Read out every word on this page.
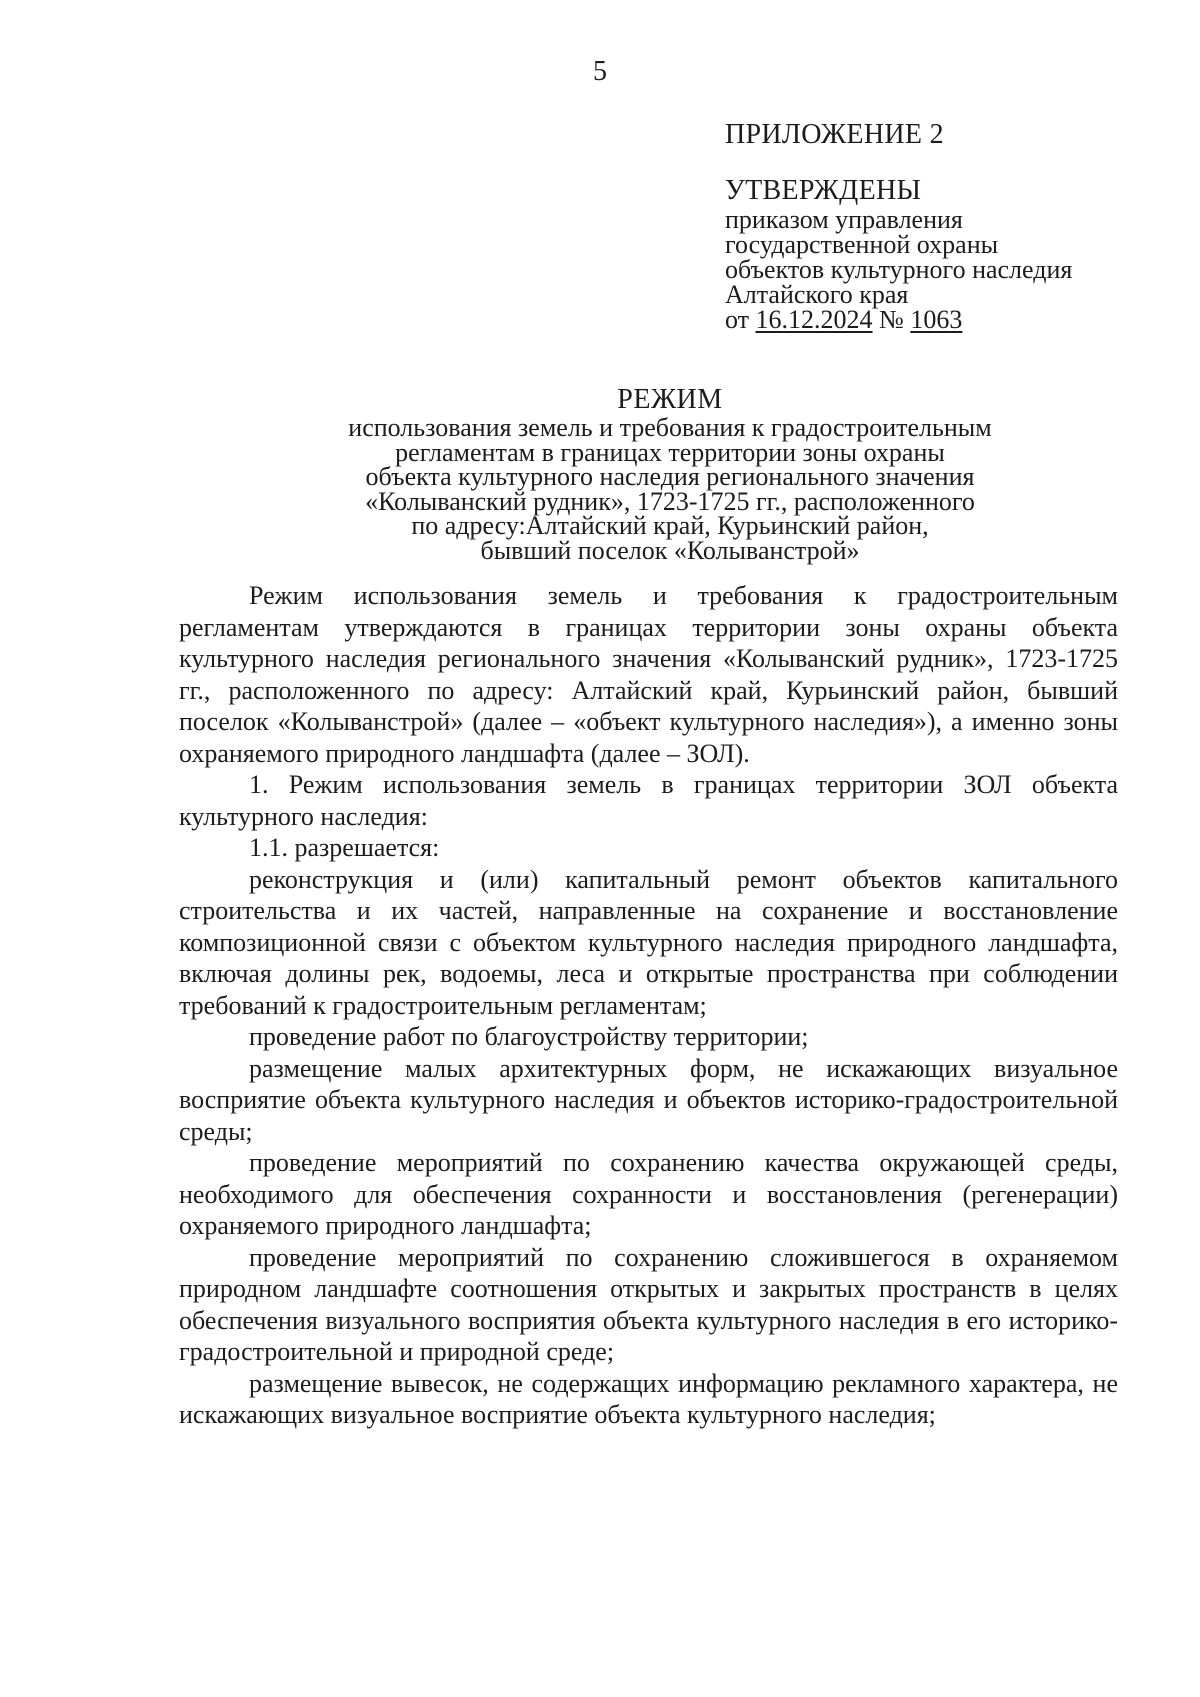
5
ПРИЛОЖЕНИЕ 2
УТВЕРЖДЕНЫ
приказом управления
государственной охраны
объектов культурного наследия
Алтайского края
от 16.12.2024 № 1063
РЕЖИМ
использования земель и требования к градостроительным
регламентам в границах территории зоны охраны
объекта культурного наследия регионального значения
«Колыванский рудник», 1723-1725 гг., расположенного
по адресу:Алтайский край, Курьинский район,
бывший поселок «Колыванстрой»

Режим использования земель и требования к градостроительным регламентам утверждаются в границах территории зоны охраны объекта культурного наследия регионального значения «Колыванский рудник», 1723-1725 гг., расположенного по адресу: Алтайский край, Курьинский район, бывший поселок «Колыванстрой» (далее – «объект культурного наследия»), а именно зоны охраняемого природного ландшафта (далее – ЗОЛ).

1. Режим использования земель в границах территории ЗОЛ объекта культурного наследия:

1.1. разрешается:

реконструкция и (или) капитальный ремонт объектов капитального строительства и их частей, направленные на сохранение и восстановление композиционной связи с объектом культурного наследия природного ландшафта, включая долины рек, водоемы, леса и открытые пространства при соблюдении требований к градостроительным регламентам;

проведение работ по благоустройству территории;

размещение малых архитектурных форм, не искажающих визуальное восприятие объекта культурного наследия и объектов историко-градостроительной среды;

проведение мероприятий по сохранению качества окружающей среды, необходимого для обеспечения сохранности и восстановления (регенерации) охраняемого природного ландшафта;

проведение мероприятий по сохранению сложившегося в охраняемом природном ландшафте соотношения открытых и закрытых пространств в целях обеспечения визуального восприятия объекта культурного наследия в его историко-градостроительной и природной среде;

размещение вывесок, не содержащих информацию рекламного характера, не искажающих визуальное восприятие объекта культурного наследия;
